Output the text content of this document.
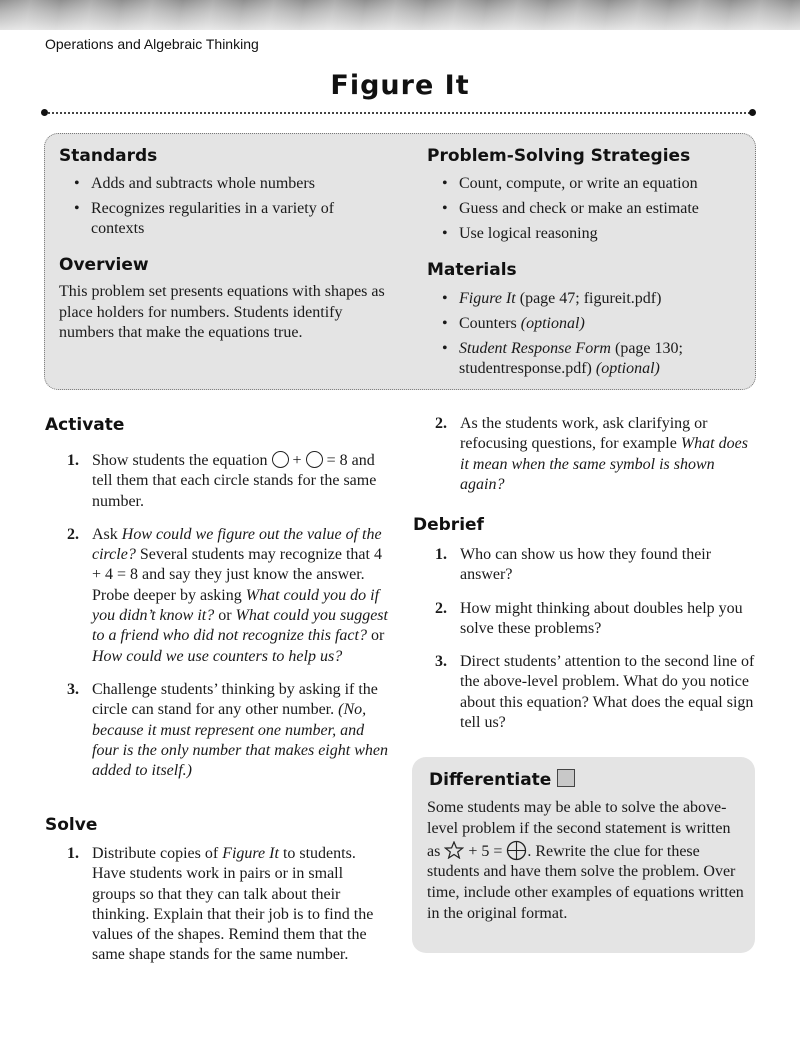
Operations and Algebraic Thinking
Figure It
Standards
• Adds and subtracts whole numbers
• Recognizes regularities in a variety of contexts
Overview
This problem set presents equations with shapes as place holders for numbers. Students identify numbers that make the equations true.
Problem-Solving Strategies
• Count, compute, or write an equation
• Guess and check or make an estimate
• Use logical reasoning
Materials
• Figure It (page 47; figureit.pdf)
• Counters (optional)
• Student Response Form (page 130; studentresponse.pdf) (optional)
Activate
1. Show students the equation  +  = 8 and tell them that each circle stands for the same number.
2. Ask How could we figure out the value of the circle? Several students may recognize that 4 + 4 = 8 and say they just know the answer. Probe deeper by asking What could you do if you didn’t know it? or What could you suggest to a friend who did not recognize this fact? or How could we use counters to help us?
3. Challenge students’ thinking by asking if the circle can stand for any other number. (No, because it must represent one number, and four is the only number that makes eight when added to itself.)
Solve
1. Distribute copies of Figure It to students. Have students work in pairs or in small groups so that they can talk about their thinking. Explain that their job is to find the values of the shapes. Remind them that the same shape stands for the same number.
2. As the students work, ask clarifying or refocusing questions, for example What does it mean when the same symbol is shown again?
Debrief
1. Who can show us how they found their answer?
2. How might thinking about doubles help you solve these problems?
3. Direct students’ attention to the second line of the above-level problem. What do you notice about this equation? What does the equal sign tell us?
Differentiate
Some students may be able to solve the above-level problem if the second statement is written as  + 5 = . Rewrite the clue for these students and have them solve the problem. Over time, include other examples of equations written in the original format.
